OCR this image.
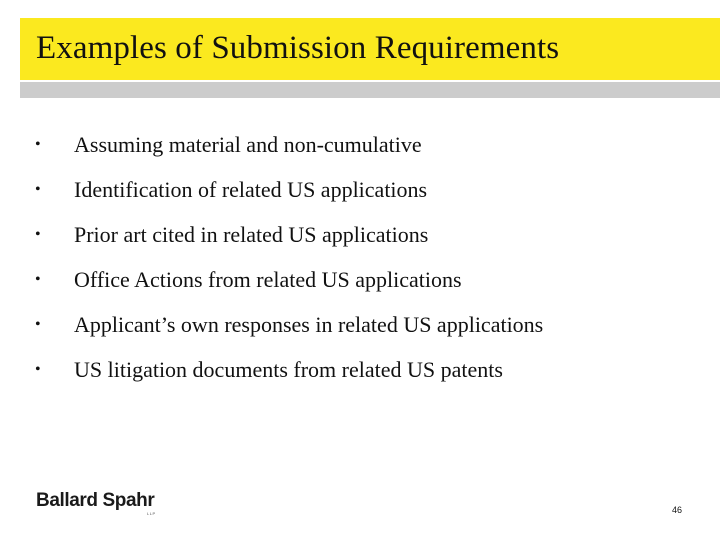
Examples of Submission Requirements
• Assuming material and non-cumulative
• Identification of related US applications
• Prior art cited in related US applications
• Office Actions from related US applications
• Applicant’s own responses in related US applications
• US litigation documents from related US patents
Ballard Spahr
LLP	46
